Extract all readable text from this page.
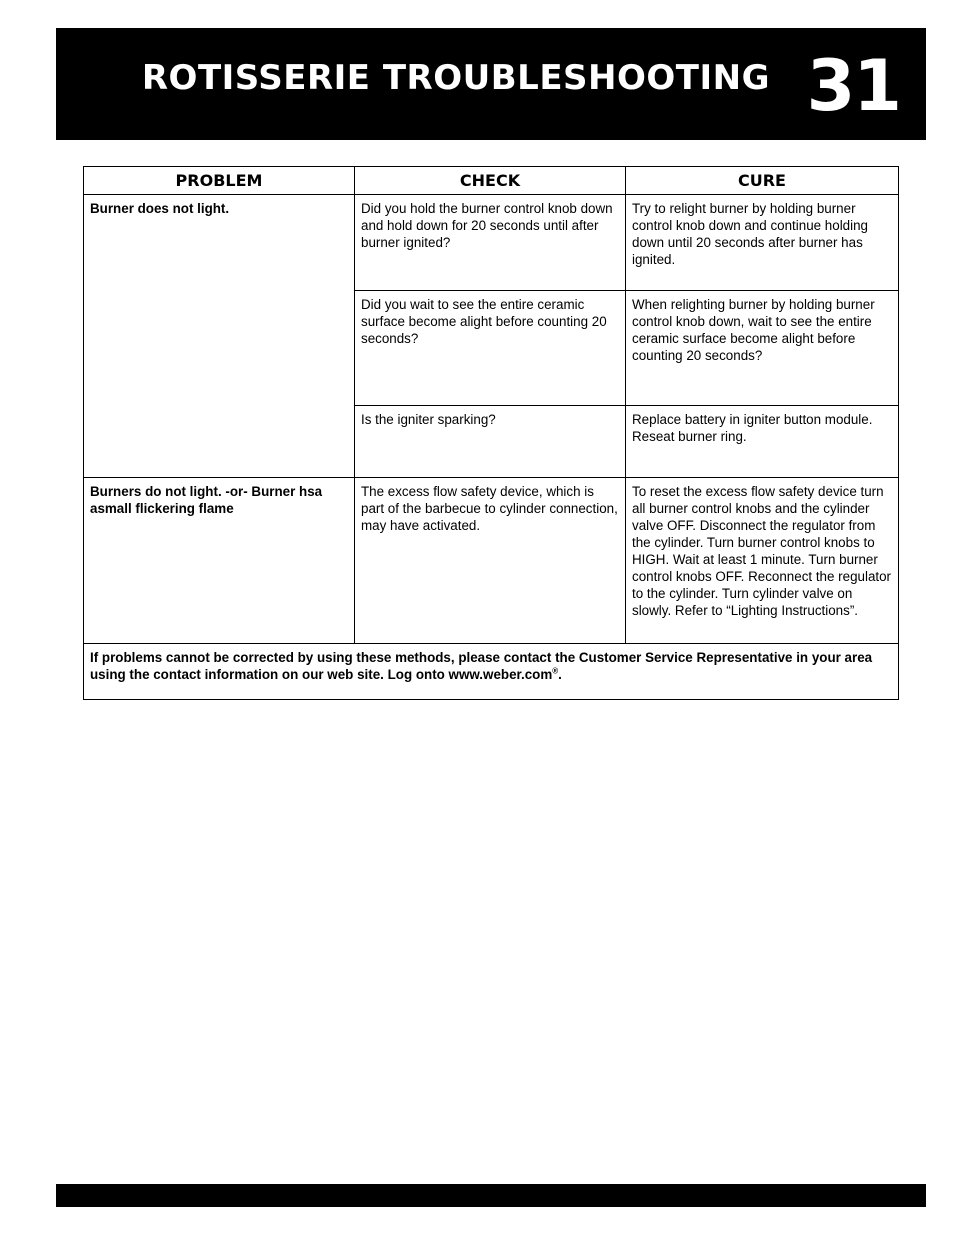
ROTISSERIE TROUBLESHOOTING 31
PROBLEM	CHECK	CURE
Burner does not light.	Did you hold the burner control knob down and hold down for 20 seconds until after burner ignited?	Try to relight burner by holding burner control knob down and continue holding down until 20 seconds after burner has ignited.
	Did you wait to see the entire ceramic surface become alight before counting 20 seconds?	When relighting burner by holding burner control knob down, wait to see the entire ceramic surface become alight before counting 20 seconds?
	Is the igniter sparking?	Replace battery in igniter button module. Reseat burner ring.
Burners do not light. -or- Burner hsa asmall flickering flame	The excess flow safety device, which is part of the barbecue to cylinder connection, may have activated.	To reset the excess flow safety device turn all burner control knobs and the cylinder valve OFF. Disconnect the regulator from the cylinder. Turn burner control knobs to HIGH. Wait at least 1 minute. Turn burner control knobs OFF. Reconnect the regulator to the cylinder. Turn cylinder valve on slowly. Refer to “Lighting Instructions”.
If problems cannot be corrected by using these methods, please contact the Customer Service Representative in your area using the contact information on our web site. Log onto www.weber.com®.		
